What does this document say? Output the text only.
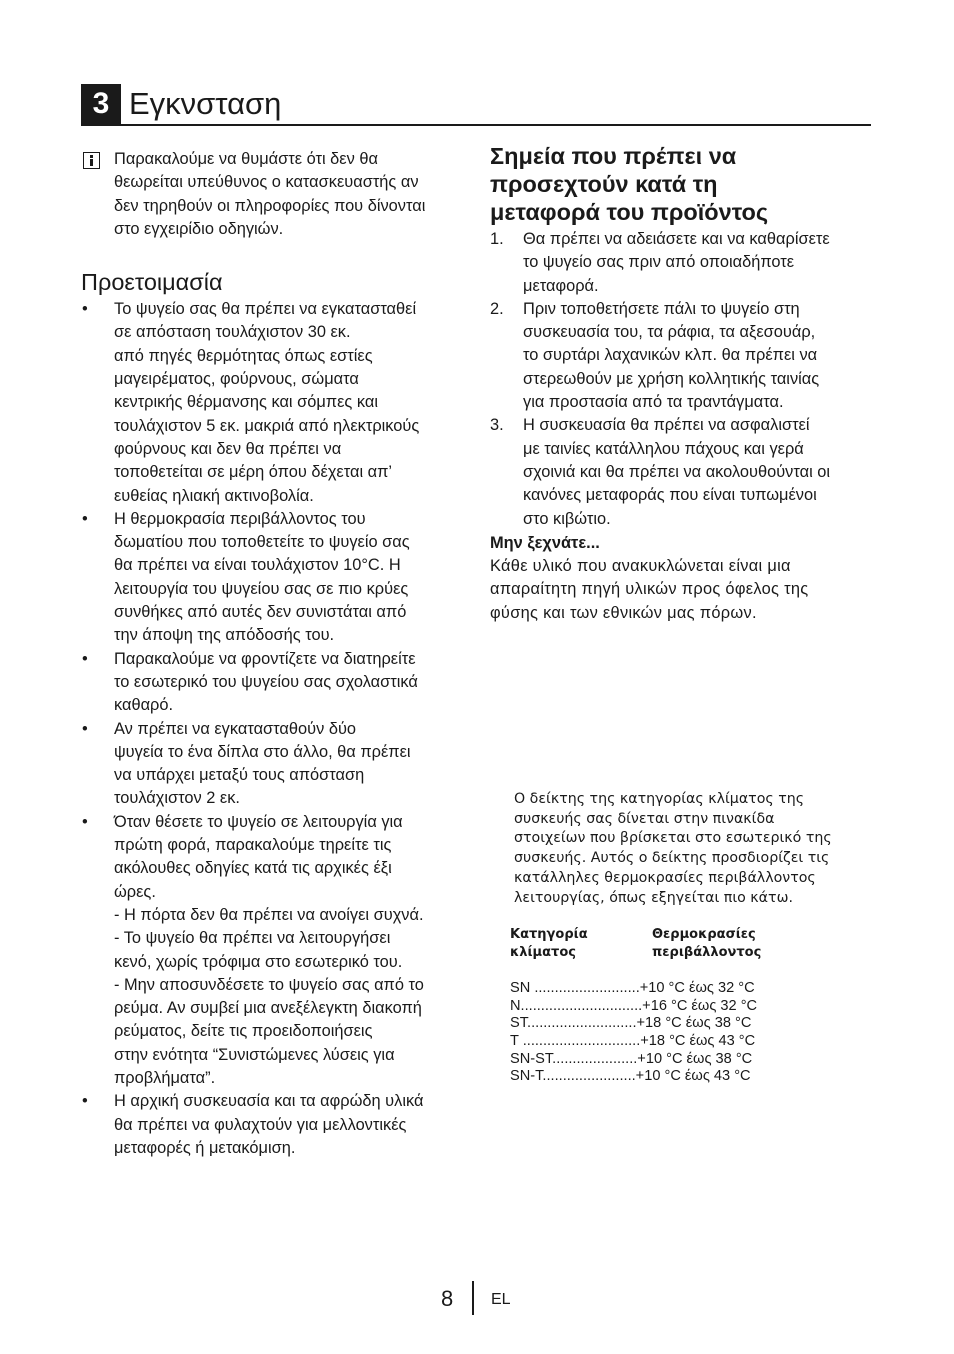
3 Εγκνσταση
Παρακαλούμε να θυμάστε ότι δεν θα
θεωρείται υπεύθυνος ο κατασκευαστής αν
δεν τηρηθούν οι πληροφορίες που δίνονται
στο εγχειρίδιο οδηγιών.
Προετοιμασία
• Το ψυγείο σας θα πρέπει να εγκατασταθεί
σε απόσταση τουλάχιστον 30 εκ.
από πηγές θερμότητας όπως εστίες
μαγειρέματος, φούρνους, σώματα
κεντρικής θέρμανσης και σόμπες και
τουλάχιστον 5 εκ. μακριά από ηλεκτρικούς
φούρνους και δεν θα πρέπει να
τοποθετείται σε μέρη όπου δέχεται απ’
ευθείας ηλιακή ακτινοβολία.
• Η θερμοκρασία περιβάλλοντος του
δωματίου που τοποθετείτε το ψυγείο σας
θα πρέπει να είναι τουλάχιστον 10°C. Η
λειτουργία του ψυγείου σας σε πιο κρύες
συνθήκες από αυτές δεν συνιστάται από
την άποψη της απόδοσής του.
• Παρακαλούμε να φροντίζετε να διατηρείτε
το εσωτερικό του ψυγείου σας σχολαστικά
καθαρό.
• Αν πρέπει να εγκατασταθούν δύο
ψυγεία το ένα δίπλα στο άλλο, θα πρέπει
να υπάρχει μεταξύ τους απόσταση
τουλάχιστον 2 εκ.
• Όταν θέσετε το ψυγείο σε λειτουργία για
πρώτη φορά, παρακαλούμε τηρείτε τις
ακόλουθες οδηγίες κατά τις αρχικές έξι
ώρες.
- Η πόρτα δεν θα πρέπει να ανοίγει συχνά.
- Το ψυγείο θα πρέπει να λειτουργήσει
κενό, χωρίς τρόφιμα στο εσωτερικό του.
- Μην αποσυνδέσετε το ψυγείο σας από το
ρεύμα. Αν συμβεί μια ανεξέλεγκτη διακοπή
ρεύματος, δείτε τις προειδοποιήσεις
στην ενότητα “Συνιστώμενες λύσεις για
προβλήματα”.
• Η αρχική συσκευασία και τα αφρώδη υλικά
θα πρέπει να φυλαχτούν για μελλοντικές
μεταφορές ή μετακόμιση.
Σημεία που πρέπει να
προσεχτούν κατά τη
μεταφορά του προϊόντος
1. Θα πρέπει να αδειάσετε και να καθαρίσετε
το ψυγείο σας πριν από οποιαδήποτε
μεταφορά.
2. Πριν τοποθετήσετε πάλι το ψυγείο στη
συσκευασία του, τα ράφια, τα αξεσουάρ,
το συρτάρι λαχανικών κλπ. θα πρέπει να
στερεωθούν με χρήση κολλητικής ταινίας
για προστασία από τα τραντάγματα.
3. Η συσκευασία θα πρέπει να ασφαλιστεί
με ταινίες κατάλληλου πάχους και γερά
σχοινιά και θα πρέπει να ακολουθούνται οι
κανόνες μεταφοράς που είναι τυπωμένοι
στο κιβώτιο.
Μην ξεχνάτε...
Κάθε υλικό που ανακυκλώνεται είναι μια
απαραίτητη πηγή υλικών προς όφελος της
φύσης και των εθνικών μας πόρων.
Ο δείκτης της κατηγορίας κλίματος της
συσκευής σας δίνεται στην πινακίδα
στοιχείων που βρίσκεται στο εσωτερικό της
συσκευής. Αυτός ο δείκτης προσδιορίζει τις
κατάλληλες θερμοκρασίες περιβάλλοντος
λειτουργίας, όπως εξηγείται πιο κάτω.
Κατηγορία
κλίματος

Θερμοκρασίες
περιβάλλοντος
SN ..........................+10 °C έως 32 °C
N..............................+16 °C έως 32 °C
ST...........................+18 °C έως 38 °C
T .............................+18 °C έως 43 °C
SN-ST.....................+10 °C έως 38 °C
SN-T.......................+10 °C έως 43 °C
8 EL
